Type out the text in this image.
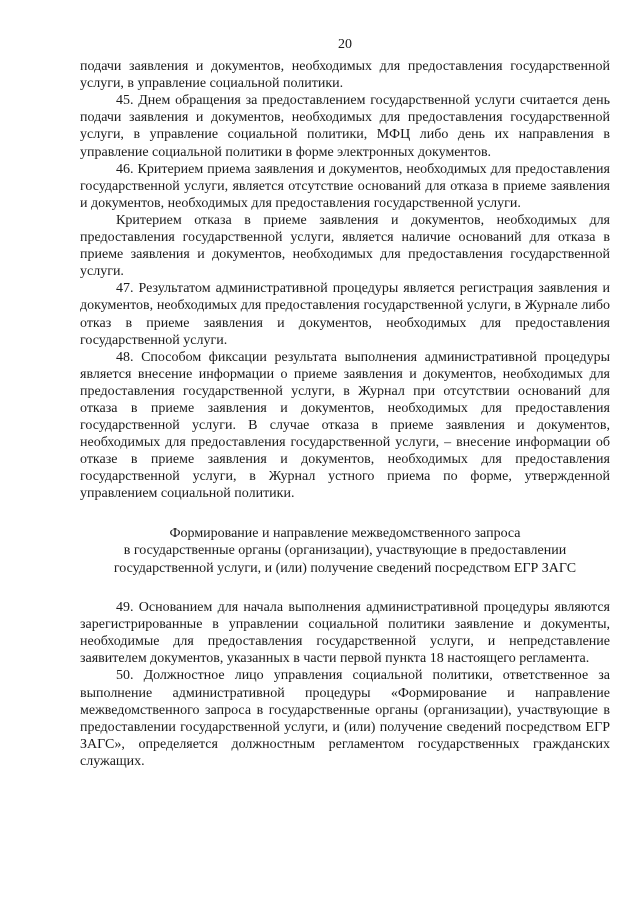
20

подачи заявления и документов, необходимых для предоставления государственной услуги, в управление социальной политики.

45. Днем обращения за предоставлением государственной услуги считается день подачи заявления и документов, необходимых для предоставления государственной услуги, в управление социальной политики, МФЦ либо день их направления в управление социальной политики в форме электронных документов.

46. Критерием приема заявления и документов, необходимых для предоставления государственной услуги, является отсутствие оснований для отказа в приеме заявления и документов, необходимых для предоставления государственной услуги.

Критерием отказа в приеме заявления и документов, необходимых для предоставления государственной услуги, является наличие оснований для отказа в приеме заявления и документов, необходимых для предоставления государственной услуги.

47. Результатом административной процедуры является регистрация заявления и документов, необходимых для предоставления государственной услуги, в Журнале либо отказ в приеме заявления и документов, необходимых для предоставления государственной услуги.

48. Способом фиксации результата выполнения административной процедуры является внесение информации о приеме заявления и документов, необходимых для предоставления государственной услуги, в Журнал при отсутствии оснований для отказа в приеме заявления и документов, необходимых для предоставления государственной услуги. В случае отказа в приеме заявления и документов, необходимых для предоставления государственной услуги, – внесение информации об отказе в приеме заявления и документов, необходимых для предоставления государственной услуги, в Журнал устного приема по форме, утвержденной управлением социальной политики.

Формирование и направление межведомственного запроса
в государственные органы (организации), участвующие в предоставлении
государственной услуги, и (или) получение сведений посредством ЕГР ЗАГС

49. Основанием для начала выполнения административной процедуры являются зарегистрированные в управлении социальной политики заявление и документы, необходимые для предоставления государственной услуги, и непредставление заявителем документов, указанных в части первой пункта 18 настоящего регламента.

50. Должностное лицо управления социальной политики, ответственное за выполнение административной процедуры «Формирование и направление межведомственного запроса в государственные органы (организации), участвующие в предоставлении государственной услуги, и (или) получение сведений посредством ЕГР ЗАГС», определяется должностным регламентом государственных гражданских служащих.
